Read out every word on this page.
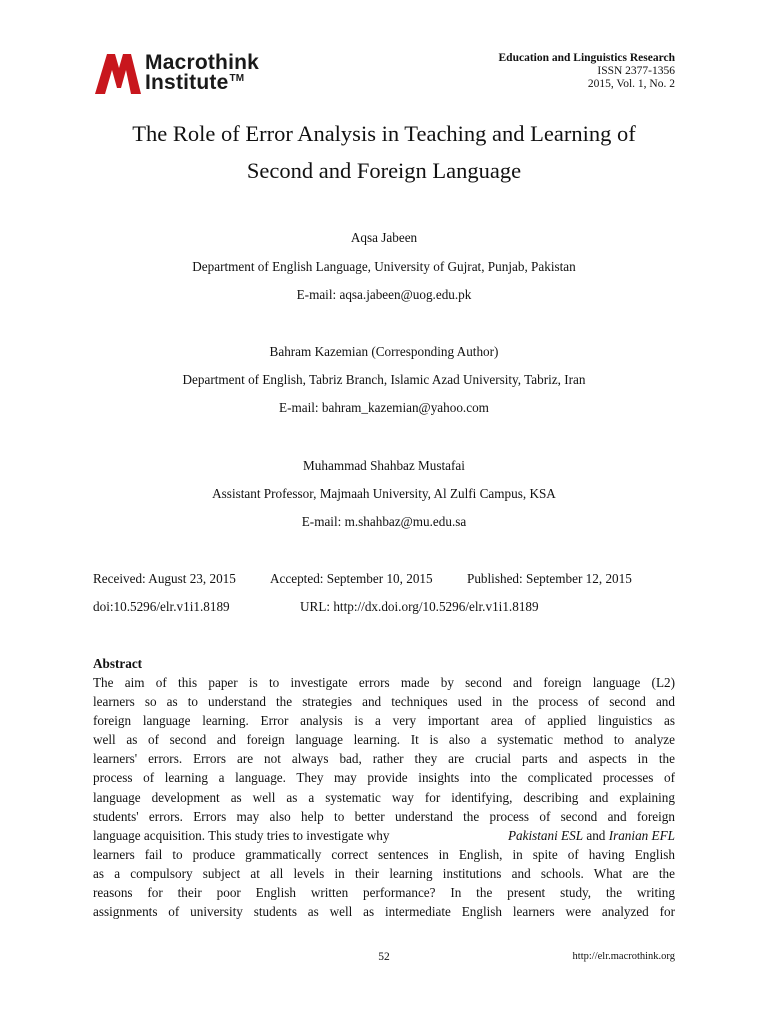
Macrothink
Institute™
Education and Linguistics Research
ISSN 2377-1356
2015, Vol. 1, No. 2
The Role of Error Analysis in Teaching and Learning of
Second and Foreign Language
Aqsa Jabeen
Department of English Language, University of Gujrat, Punjab, Pakistan
E-mail: aqsa.jabeen@uog.edu.pk
Bahram Kazemian (Corresponding Author)
Department of English, Tabriz Branch, Islamic Azad University, Tabriz, Iran
E-mail: bahram_kazemian@yahoo.com
Muhammad Shahbaz Mustafai
Assistant Professor, Majmaah University, Al Zulfi Campus, KSA
E-mail: m.shahbaz@mu.edu.sa
Received: August 23, 2015	Accepted: September 10, 2015	Published: September 12, 2015
doi:10.5296/elr.v1i1.8189	URL: http://dx.doi.org/10.5296/elr.v1i1.8189
Abstract
The aim of this paper is to investigate errors made by second and foreign language (L2)
learners so as to understand the strategies and techniques used in the process of second and
foreign language learning. Error analysis is a very important area of applied linguistics as
well as of second and foreign language learning. It is also a systematic method to analyze
learners' errors. Errors are not always bad, rather they are crucial parts and aspects in the
process of learning a language. They may provide insights into the complicated processes of
language development as well as a systematic way for identifying, describing and explaining
students' errors. Errors may also help to better understand the process of second and foreign
language acquisition. This study tries to investigate why	Pakistani ESL and Iranian EFL
learners fail to produce grammatically correct sentences in English, in spite of having English
as a compulsory subject at all levels in their learning institutions and schools. What are the
reasons for their poor English written performance? In the present study, the writing
assignments of university students as well as intermediate English learners were analyzed for
52	http://elr.macrothink.org
